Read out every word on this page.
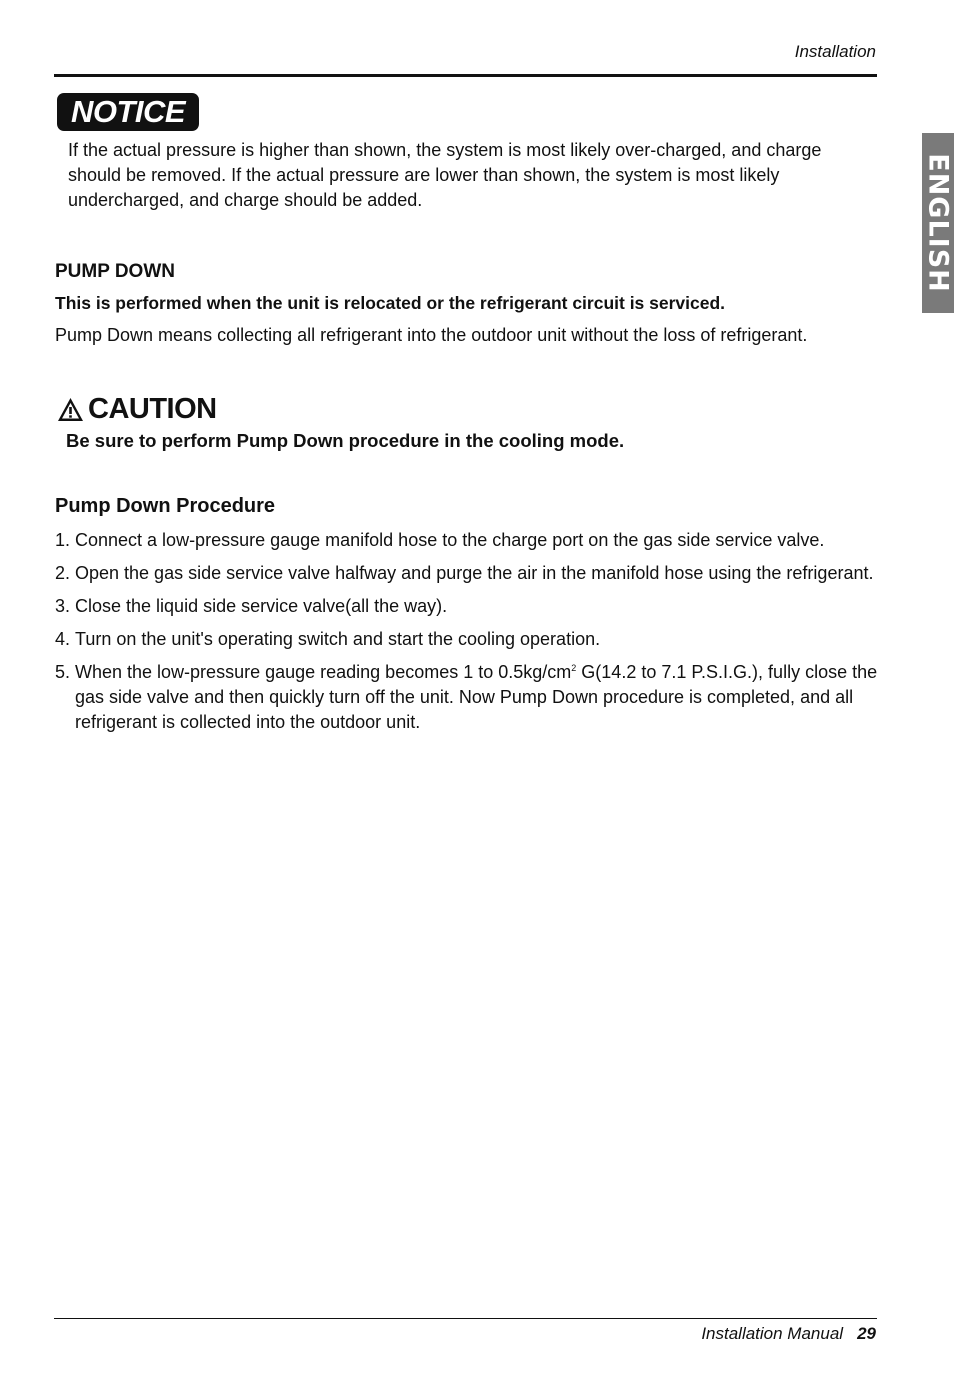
Installation
ENGLISH
NOTICE

If the actual pressure is higher than shown, the system is most likely over-charged, and charge should be removed. If the actual pressure are lower than shown, the system is most likely undercharged, and charge should be added.

PUMP DOWN

This is performed when the unit is relocated or the refrigerant circuit is serviced.

Pump Down means collecting all refrigerant into the outdoor unit without the loss of refrigerant.

CAUTION

Be sure to perform Pump Down procedure in the cooling mode.

Pump Down Procedure
1. Connect a low-pressure gauge manifold hose to the charge port on the gas side service valve.
2. Open the gas side service valve halfway and purge the air in the manifold hose using the refrigerant.
3. Close the liquid side service valve(all the way).
4. Turn on the unit's operating switch and start the cooling operation.
5. When the low-pressure gauge reading becomes 1 to $0.5kg/cm^2$ G(14.2 to 7.1 P.S.I.G.), fully close the gas side valve and then quickly turn off the unit. Now Pump Down procedure is completed, and all refrigerant is collected into the outdoor unit.
Installation Manual 29
